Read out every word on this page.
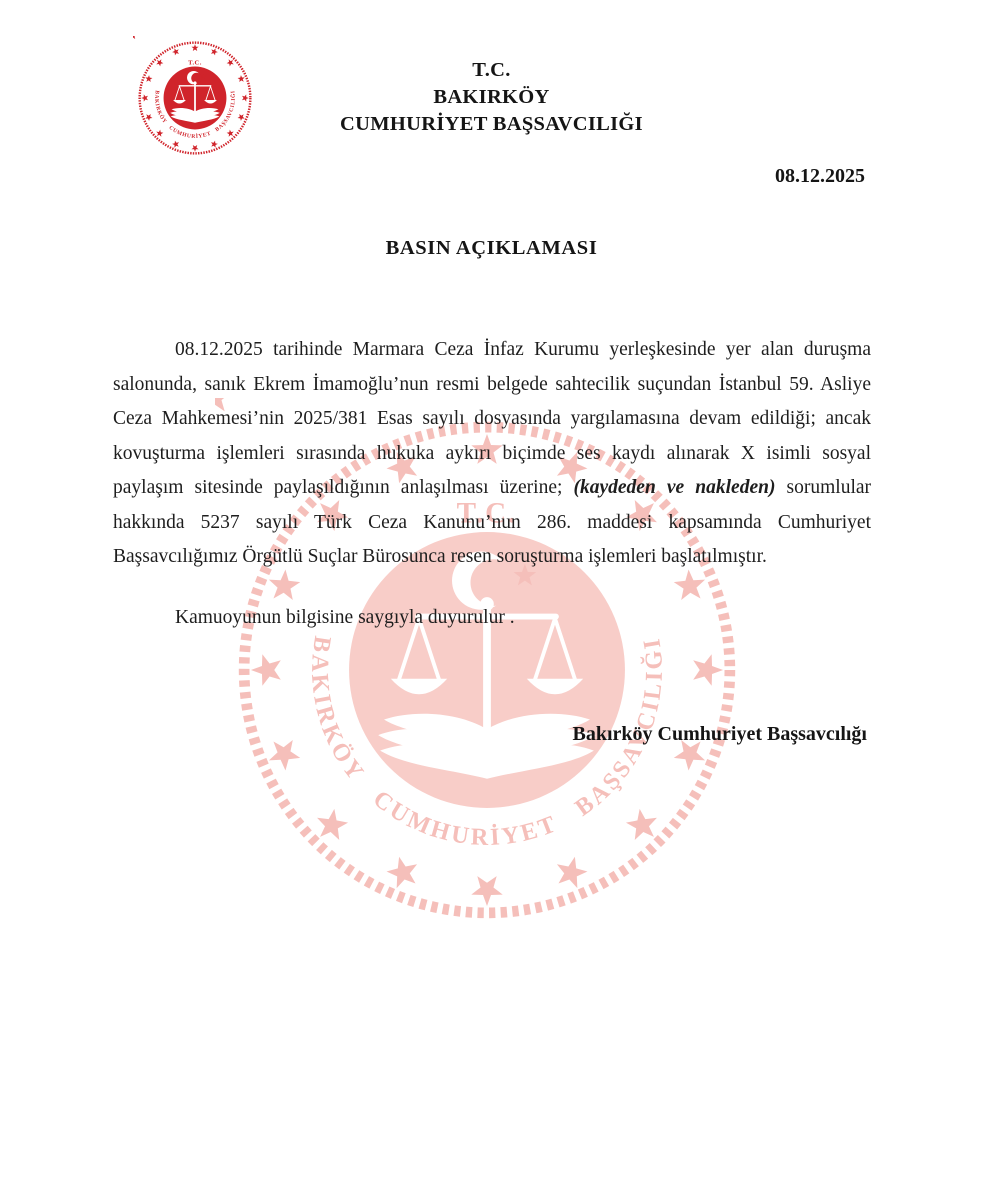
T.C.
BAKIRKÖY
CUMHURİYET BAŞSAVCILIĞI
08.12.2025
BASIN AÇIKLAMASI
08.12.2025 tarihinde Marmara Ceza İnfaz Kurumu yerleşkesinde yer alan duruşma
salonunda, sanık Ekrem İmamoğlu’nun resmi belgede sahtecilik suçundan İstanbul 59. Asliye
Ceza Mahkemesi’nin 2025/381 Esas sayılı dosyasında yargılamasına devam edildiği; ancak
kovuşturma işlemleri sırasında hukuka aykırı biçimde ses kaydı alınarak X isimli sosyal
paylaşım sitesinde paylaşıldığının anlaşılması üzerine; (kaydeden ve nakleden) sorumlular
hakkında 5237 sayılı Türk Ceza Kanunu’nun 286. maddesi kapsamında Cumhuriyet
Başsavcılığımız Örgütlü Suçlar Bürosunca resen soruşturma işlemleri başlatılmıştır.
Kamuoyunun bilgisine saygıyla duyurulur .
Bakırköy Cumhuriyet Başsavcılığı
